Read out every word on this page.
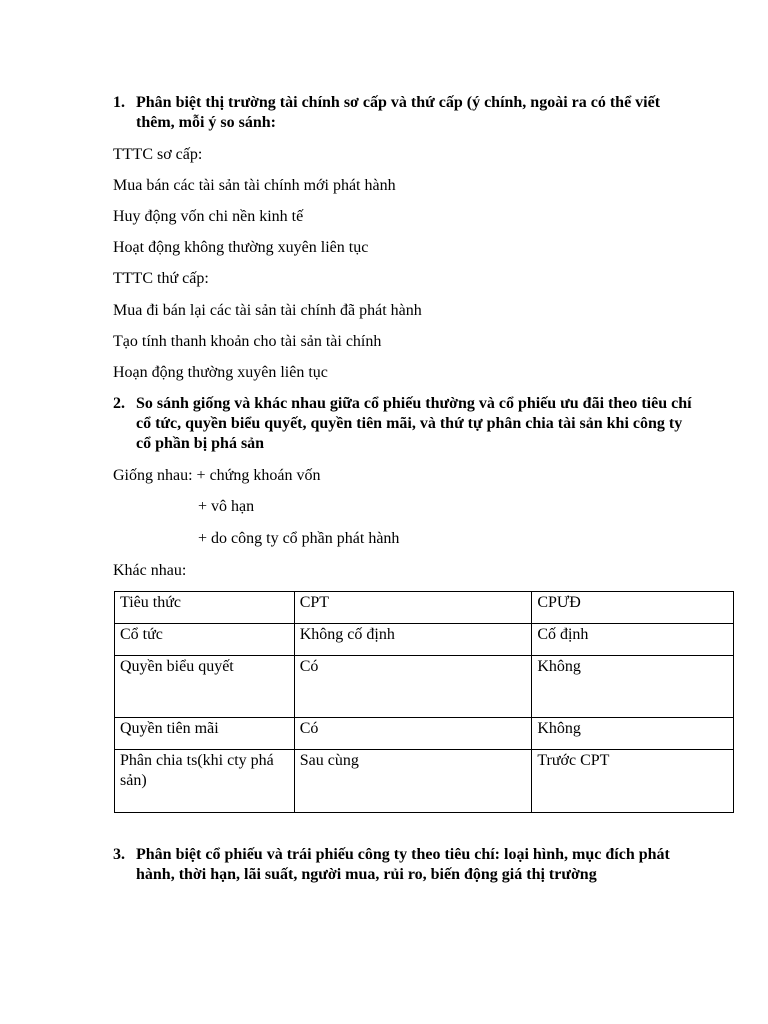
1. Phân biệt thị trường tài chính sơ cấp và thứ cấp (ý chính, ngoài ra có thể viết thêm, mỗi ý so sánh:
TTTC sơ cấp:
Mua bán các tài sản tài chính mới phát hành
Huy động vốn chi nền kinh tế
Hoạt động không thường xuyên liên tục
TTTC thứ cấp:
Mua đi bán lại các tài sản tài chính đã phát hành
Tạo tính thanh khoản cho tài sản tài chính
Hoạn động thường xuyên liên tục
2. So sánh giống và khác nhau giữa cổ phiếu thường và cổ phiếu ưu đãi theo tiêu chí cổ tức, quyền biểu quyết, quyền tiên mãi, và thứ tự phân chia tài sản khi công ty cổ phần bị phá sản
Giống nhau: + chứng khoán vốn
+ vô hạn
+ do công ty cổ phần phát hành
Khác nhau:
Tiêu thức	CPT	CPƯĐ
Cổ tức	Không cố định	Cố định
Quyền biểu quyết	Có	Không
Quyền tiên mãi	Có	Không
Phân chia ts(khi cty phá sản)	Sau cùng	Trước CPT
3. Phân biệt cổ phiếu và trái phiếu công ty theo tiêu chí: loại hình, mục đích phát hành, thời hạn, lãi suất, người mua, rủi ro, biến động giá thị trường
